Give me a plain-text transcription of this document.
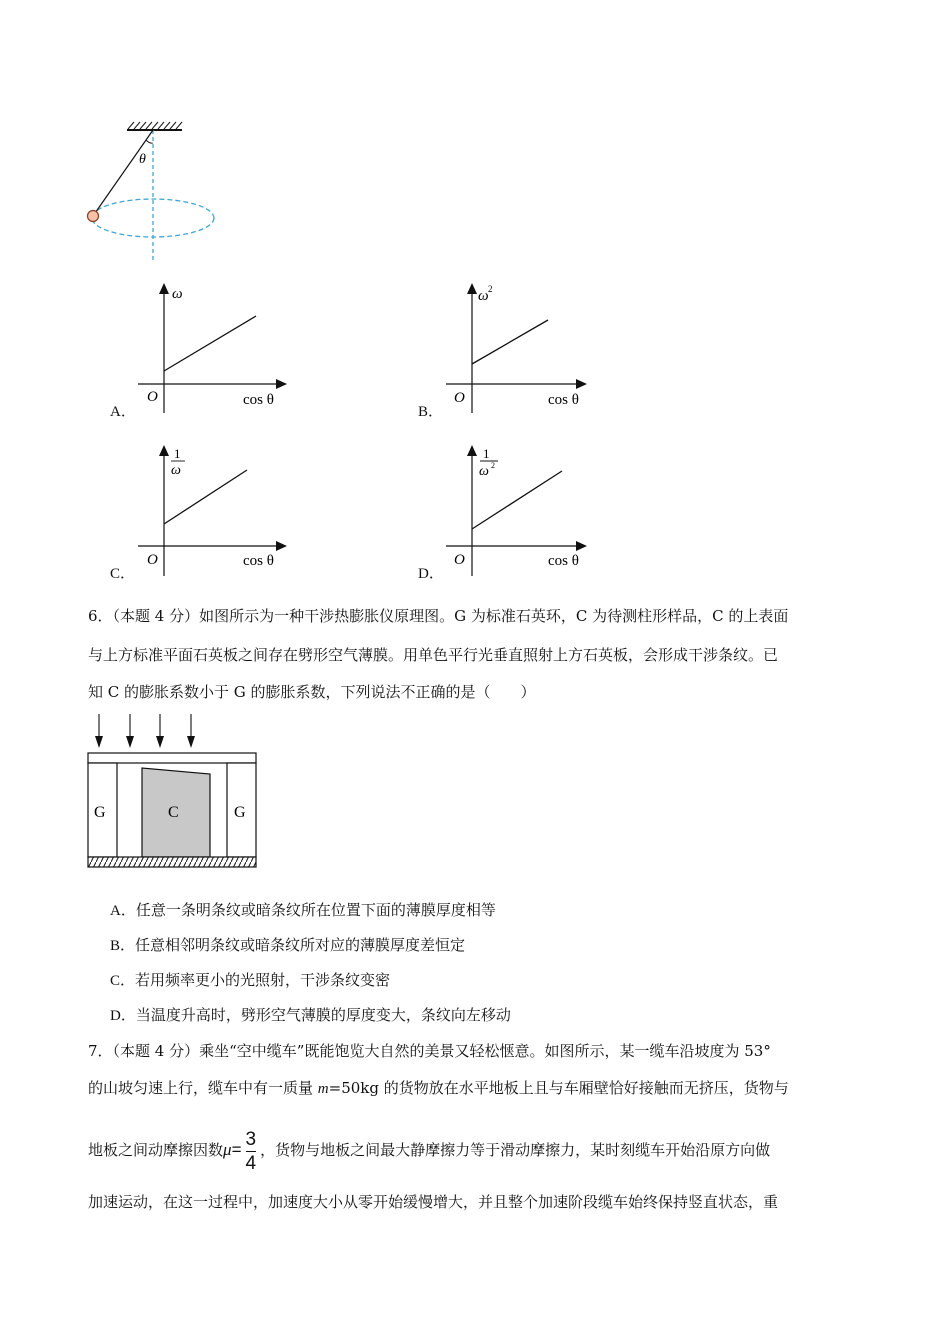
θ
A．
ω
O	cos θ
B．
ω 2
O	cos θ
C．
1
ω
O	cos θ
D．
1
ω 2
O	cos θ
6．（本题 4 分）如图所示为一种干涉热膨胀仪原理图。G 为标准石英环，C 为待测柱形样品，C 的上表面
与上方标准平面石英板之间存在劈形空气薄膜。用单色平行光垂直照射上方石英板，会形成干涉条纹。已
知 C 的膨胀系数小于 G 的膨胀系数，下列说法不正确的是（　　）
G	C	G
A．任意一条明条纹或暗条纹所在位置下面的薄膜厚度相等
B．任意相邻明条纹或暗条纹所对应的薄膜厚度差恒定
C．若用频率更小的光照射，干涉条纹变密
D．当温度升高时，劈形空气薄膜的厚度变大，条纹向左移动
7．（本题 4 分）乘坐“空中缆车”既能饱览大自然的美景又轻松惬意。如图所示，某一缆车沿坡度为 53°
的山坡匀速上行，缆车中有一质量 m=50kg 的货物放在水平地板上且与车厢壁恰好接触而无挤压，货物与
地板之间动摩擦因数$\mu= \frac{3}{4}$ ，货物与地板之间最大静摩擦力等于滑动摩擦力，某时刻缆车开始沿原方向做
加速运动，在这一过程中，加速度大小从零开始缓慢增大，并且整个加速阶段缆车始终保持竖直状态，重
